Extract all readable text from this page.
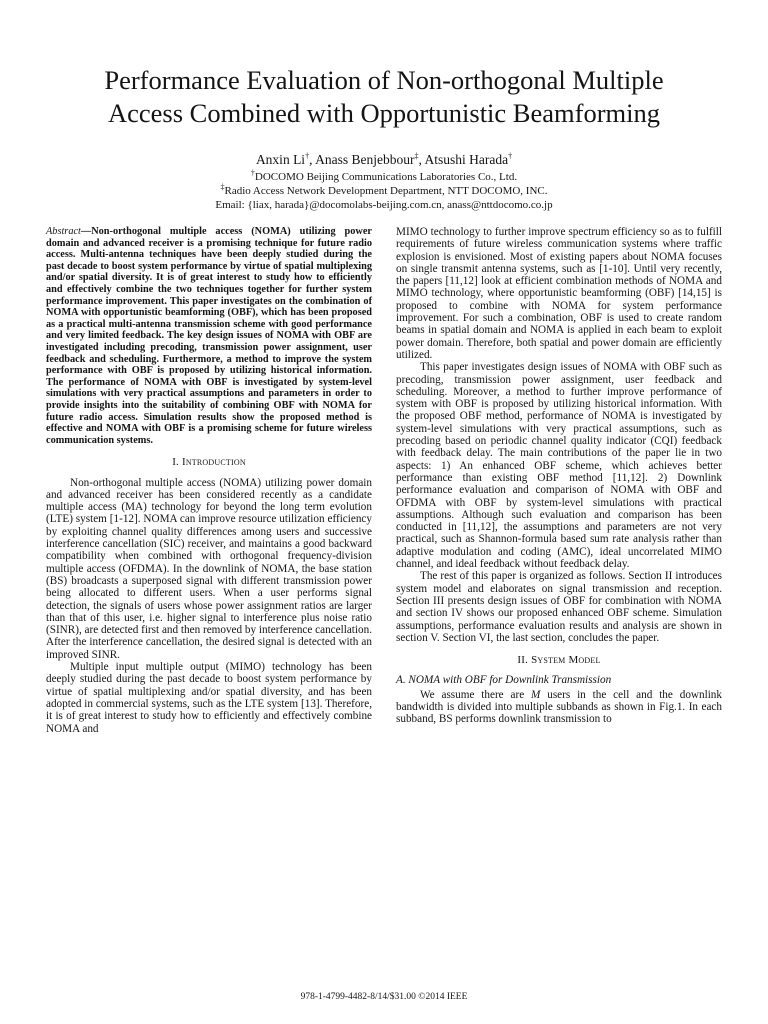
Performance Evaluation of Non-orthogonal Multiple
Access Combined with Opportunistic Beamforming
Anxin Li†, Anass Benjebbour‡, Atsushi Harada†
†DOCOMO Beijing Communications Laboratories Co., Ltd.
‡Radio Access Network Development Department, NTT DOCOMO, INC.
Email: {liax, harada}@docomolabs-beijing.com.cn, anass@nttdocomo.co.jp

Abstract—Non-orthogonal multiple access (NOMA) utilizing power domain and advanced receiver is a promising technique for future radio access. Multi-antenna techniques have been deeply studied during the past decade to boost system performance by virtue of spatial multiplexing and/or spatial diversity. It is of great interest to study how to efficiently and effectively combine the two techniques together for further system performance improvement. This paper investigates on the combination of NOMA with opportunistic beamforming (OBF), which has been proposed as a practical multi-antenna transmission scheme with good performance and very limited feedback. The key design issues of NOMA with OBF are investigated including precoding, transmission power assignment, user feedback and scheduling. Furthermore, a method to improve the system performance with OBF is proposed by utilizing historical information. The performance of NOMA with OBF is investigated by system-level simulations with very practical assumptions and parameters in order to provide insights into the suitability of combining OBF with NOMA for future radio access. Simulation results show the proposed method is effective and NOMA with OBF is a promising scheme for future wireless communication systems.

I. Introduction

Non-orthogonal multiple access (NOMA) utilizing power domain and advanced receiver has been considered recently as a candidate multiple access (MA) technology for beyond the long term evolution (LTE) system [1-12]. NOMA can improve resource utilization efficiency by exploiting channel quality differences among users and successive interference cancellation (SIC) receiver, and maintains a good backward compatibility when combined with orthogonal frequency-division multiple access (OFDMA). In the downlink of NOMA, the base station (BS) broadcasts a superposed signal with different transmission power being allocated to different users. When a user performs signal detection, the signals of users whose power assignment ratios are larger than that of this user, i.e. higher signal to interference plus noise ratio (SINR), are detected first and then removed by interference cancellation. After the interference cancellation, the desired signal is detected with an improved SINR.

Multiple input multiple output (MIMO) technology has been deeply studied during the past decade to boost system performance by virtue of spatial multiplexing and/or spatial diversity, and has been adopted in commercial systems, such as the LTE system [13]. Therefore, it is of great interest to study how to efficiently and effectively combine NOMA and

MIMO technology to further improve spectrum efficiency so as to fulfill requirements of future wireless communication systems where traffic explosion is envisioned. Most of existing papers about NOMA focuses on single transmit antenna systems, such as [1-10]. Until very recently, the papers [11,12] look at efficient combination methods of NOMA and MIMO technology, where opportunistic beamforming (OBF) [14,15] is proposed to combine with NOMA for system performance improvement. For such a combination, OBF is used to create random beams in spatial domain and NOMA is applied in each beam to exploit power domain. Therefore, both spatial and power domain are efficiently utilized.

This paper investigates design issues of NOMA with OBF such as precoding, transmission power assignment, user feedback and scheduling. Moreover, a method to further improve performance of system with OBF is proposed by utilizing historical information. With the proposed OBF method, performance of NOMA is investigated by system-level simulations with very practical assumptions, such as precoding based on periodic channel quality indicator (CQI) feedback with feedback delay. The main contributions of the paper lie in two aspects: 1) An enhanced OBF scheme, which achieves better performance than existing OBF method [11,12]. 2) Downlink performance evaluation and comparison of NOMA with OBF and OFDMA with OBF by system-level simulations with practical assumptions. Although such evaluation and comparison has been conducted in [11,12], the assumptions and parameters are not very practical, such as Shannon-formula based sum rate analysis rather than adaptive modulation and coding (AMC), ideal uncorrelated MIMO channel, and ideal feedback without feedback delay.

The rest of this paper is organized as follows. Section II introduces system model and elaborates on signal transmission and reception. Section III presents design issues of OBF for combination with NOMA and section IV shows our proposed enhanced OBF scheme. Simulation assumptions, performance evaluation results and analysis are shown in section V. Section VI, the last section, concludes the paper.

II. System Model
A. NOMA with OBF for Downlink Transmission

We assume there are M users in the cell and the downlink bandwidth is divided into multiple subbands as shown in Fig.1. In each subband, BS performs downlink transmission to

978-1-4799-4482-8/14/$31.00 ©2014 IEEE
